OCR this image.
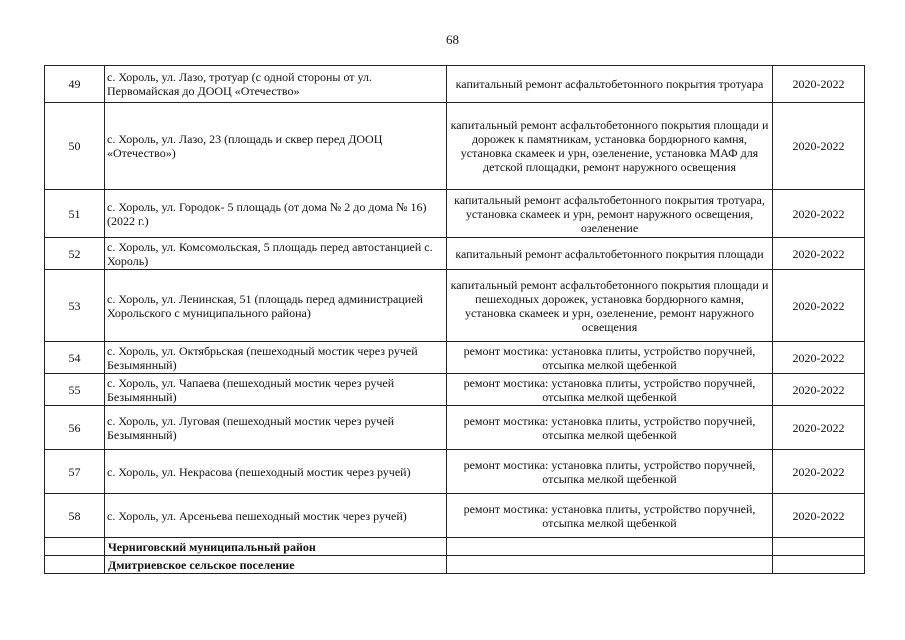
68
49	с. Хороль, ул. Лазо, тротуар (с одной стороны от ул. Первомайская до ДООЦ «Отечество»	капитальный ремонт асфальтобетонного покрытия тротуара	2020-2022
50	с. Хороль, ул. Лазо, 23 (площадь и сквер перед ДООЦ «Отечество»)	капитальный ремонт асфальтобетонного покрытия площади и дорожек к памятникам, установка бордюрного камня, установка скамеек и урн, озеленение, установка МАФ для детской площадки, ремонт наружного освещения	2020-2022
51	с. Хороль, ул. Городок- 5 площадь (от дома № 2 до дома № 16) (2022 г.)	капитальный ремонт асфальтобетонного покрытия тротуара, установка скамеек и урн, ремонт наружного освещения, озеленение	2020-2022
52	с. Хороль, ул. Комсомольская, 5 площадь перед автостанцией с. Хороль)	капитальный ремонт асфальтобетонного покрытия площади	2020-2022
53	с. Хороль, ул. Ленинская, 51 (площадь перед администрацией Хорольского с муниципального района)	капитальный ремонт асфальтобетонного покрытия площади и пешеходных дорожек, установка бордюрного камня, установка скамеек и урн, озеленение, ремонт наружного освещения	2020-2022
54	с. Хороль, ул. Октябрьская (пешеходный мостик через ручей Безымянный)	ремонт мостика: установка плиты, устройство поручней, отсыпка мелкой щебенкой	2020-2022
55	с. Хороль, ул. Чапаева (пешеходный мостик через ручей Безымянный)	ремонт мостика: установка плиты, устройство поручней, отсыпка мелкой щебенкой	2020-2022
56	с. Хороль, ул. Луговая (пешеходный мостик через ручей Безымянный)	ремонт мостика: установка плиты, устройство поручней, отсыпка мелкой щебенкой	2020-2022
57	с. Хороль, ул. Некрасова (пешеходный мостик через ручей)	ремонт мостика: установка плиты, устройство поручней, отсыпка мелкой щебенкой	2020-2022
58	с. Хороль, ул. Арсеньева пешеходный мостик через ручей)	ремонт мостика: установка плиты, устройство поручней, отсыпка мелкой щебенкой	2020-2022
	Черниговский муниципальный район		
	Дмитриевское сельское поселение		
